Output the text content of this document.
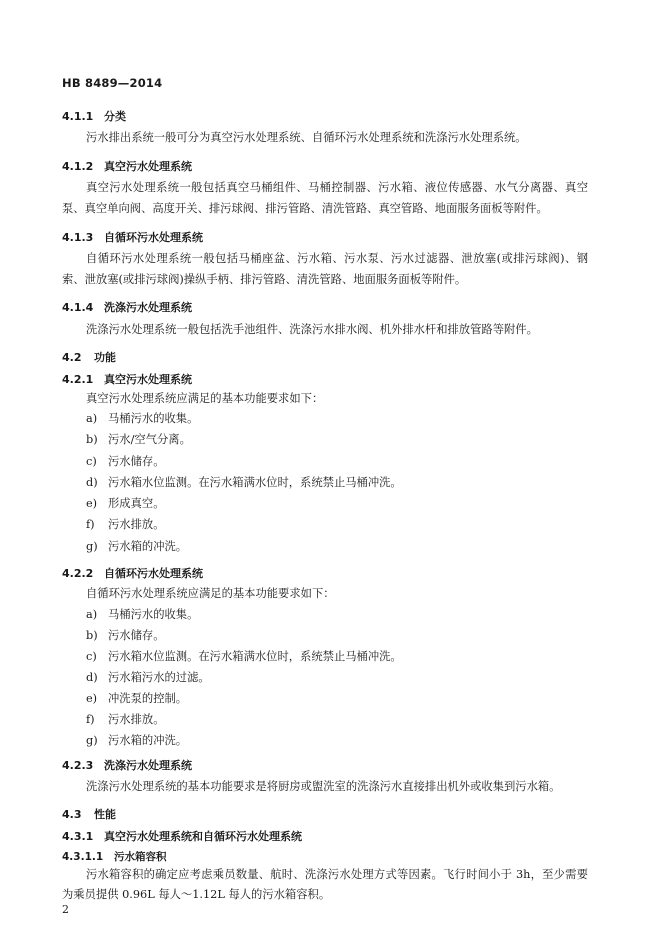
HB 8489—2014
4.1.1 分类
污水排出系统一般可分为真空污水处理系统、自循环污水处理系统和洗涤污水处理系统。
4.1.2 真空污水处理系统
真空污水处理系统一般包括真空马桶组件、马桶控制器、污水箱、液位传感器、水气分离器、真空泵、真空单向阀、高度开关、排污球阀、排污管路、清洗管路、真空管路、地面服务面板等附件。
4.1.3 自循环污水处理系统
自循环污水处理系统一般包括马桶座盆、污水箱、污水泵、污水过滤器、泄放塞(或排污球阀)、钢索、泄放塞(或排污球阀)操纵手柄、排污管路、清洗管路、地面服务面板等附件。
4.1.4 洗涤污水处理系统
洗涤污水处理系统一般包括洗手池组件、洗涤污水排水阀、机外排水杆和排放管路等附件。
4.2 功能
4.2.1 真空污水处理系统
真空污水处理系统应满足的基本功能要求如下：
a) 马桶污水的收集。
b) 污水/空气分离。
c) 污水储存。
d) 污水箱水位监测。在污水箱满水位时，系统禁止马桶冲洗。
e) 形成真空。
f) 污水排放。
g) 污水箱的冲洗。
4.2.2 自循环污水处理系统
自循环污水处理系统应满足的基本功能要求如下：
a) 马桶污水的收集。
b) 污水储存。
c) 污水箱水位监测。在污水箱满水位时，系统禁止马桶冲洗。
d) 污水箱污水的过滤。
e) 冲洗泵的控制。
f) 污水排放。
g) 污水箱的冲洗。
4.2.3 洗涤污水处理系统
洗涤污水处理系统的基本功能要求是将厨房或盥洗室的洗涤污水直接排出机外或收集到污水箱。
4.3 性能
4.3.1 真空污水处理系统和自循环污水处理系统
4.3.1.1 污水箱容积
污水箱容积的确定应考虑乘员数量、航时、洗涤污水处理方式等因素。飞行时间小于 3h，至少需要为乘员提供 0.96L 每人～1.12L 每人的污水箱容积。
2
